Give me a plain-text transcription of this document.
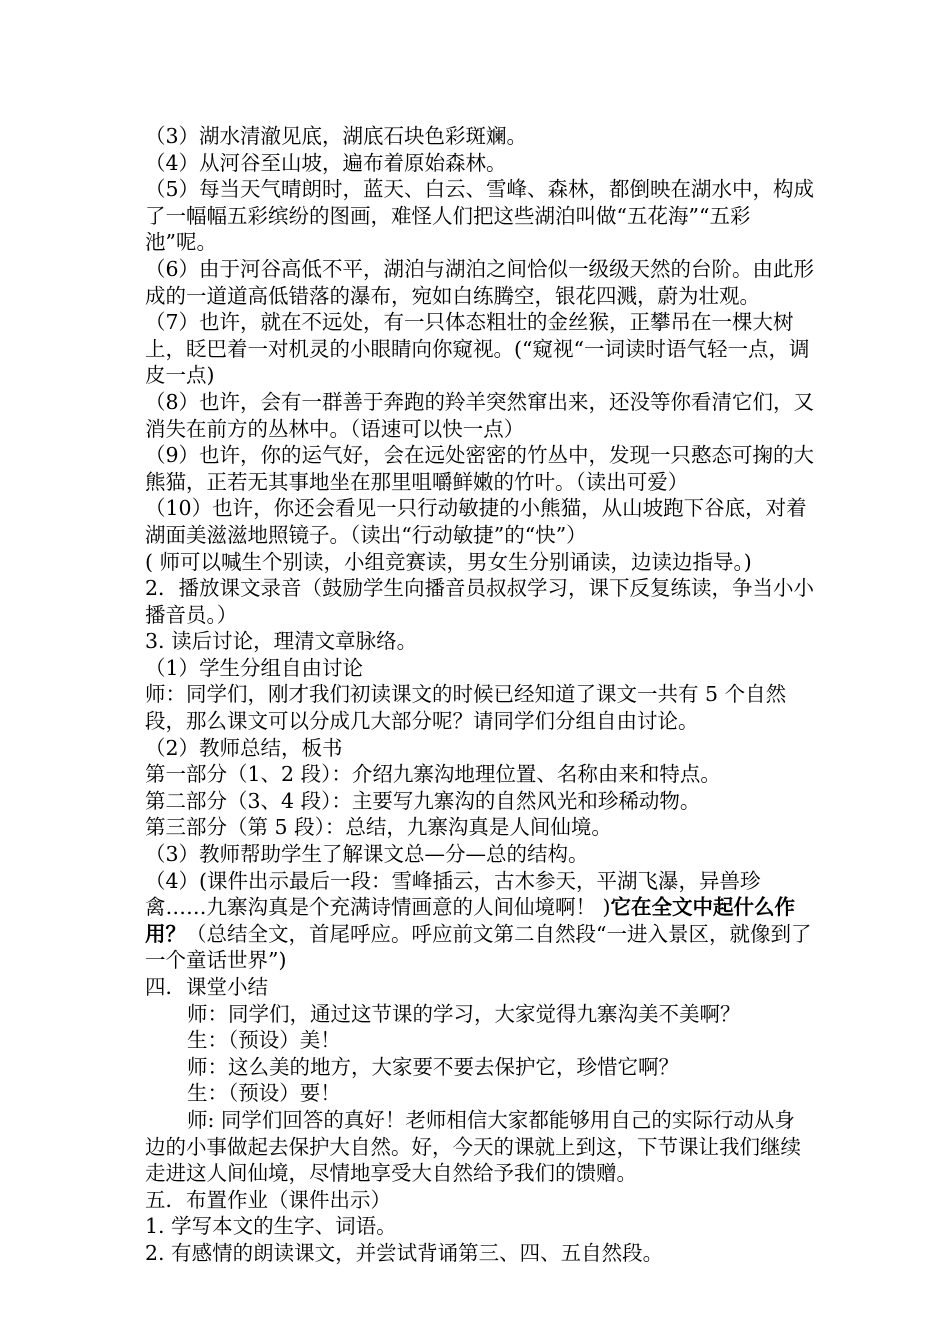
（3）湖水清澈见底，湖底石块色彩斑斓。

（4）从河谷至山坡，遍布着原始森林。

（5）每当天气晴朗时，蓝天、白云、雪峰、森林，都倒映在湖水中，构成了一幅幅五彩缤纷的图画，难怪人们把这些湖泊叫做“五花海”“五彩池”呢。

（6）由于河谷高低不平，湖泊与湖泊之间恰似一级级天然的台阶。由此形成的一道道高低错落的瀑布，宛如白练腾空，银花四溅，蔚为壮观。

（7）也许，就在不远处，有一只体态粗壮的金丝猴，正攀吊在一棵大树上，眨巴着一对机灵的小眼睛向你窥视。(“窥视“一词读时语气轻一点，调皮一点)

（8）也许，会有一群善于奔跑的羚羊突然窜出来，还没等你看清它们，又消失在前方的丛林中。（语速可以快一点）

（9）也许，你的运气好，会在远处密密的竹丛中，发现一只憨态可掬的大熊猫，正若无其事地坐在那里咀嚼鲜嫩的竹叶。（读出可爱）

（10）也许，你还会看见一只行动敏捷的小熊猫，从山坡跑下谷底，对着湖面美滋滋地照镜子。（读出“行动敏捷”的“快”）

( 师可以喊生个别读，小组竞赛读，男女生分别诵读，边读边指导。)

2．播放课文录音（鼓励学生向播音员叔叔学习，课下反复练读，争当小小播音员。）

3. 读后讨论，理清文章脉络。

（1）学生分组自由讨论

师：同学们，刚才我们初读课文的时候已经知道了课文一共有 5 个自然段，那么课文可以分成几大部分呢？请同学们分组自由讨论。

（2）教师总结，板书

第一部分（1、2 段）：介绍九寨沟地理位置、名称由来和特点。

第二部分（3、4 段）：主要写九寨沟的自然风光和珍稀动物。

第三部分（第 5 段）：总结，九寨沟真是人间仙境。

（3）教师帮助学生了解课文总—分—总的结构。

（4）(课件出示最后一段：雪峰插云，古木参天，平湖飞瀑，异兽珍禽……九寨沟真是个充满诗情画意的人间仙境啊！ )它在全文中起什么作用？（总结全文，首尾呼应。呼应前文第二自然段“一进入景区，就像到了一个童话世界”)

四．课堂小结

师：同学们，通过这节课的学习，大家觉得九寨沟美不美啊？

生：（预设）美！

师：这么美的地方，大家要不要去保护它，珍惜它啊？

生：（预设）要！

师: 同学们回答的真好！老师相信大家都能够用自己的实际行动从身边的小事做起去保护大自然。好，今天的课就上到这，下节课让我们继续走进这人间仙境，尽情地享受大自然给予我们的馈赠。

五．布置作业（课件出示）

1. 学写本文的生字、词语。

2. 有感情的朗读课文，并尝试背诵第三、四、五自然段。
